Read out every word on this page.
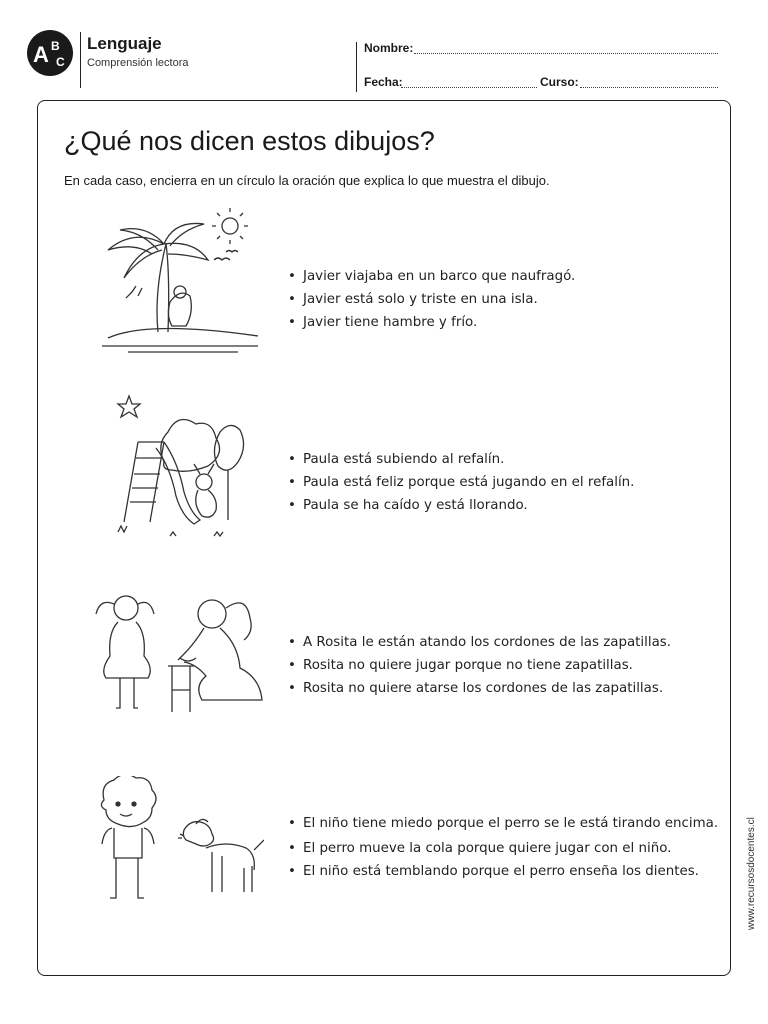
A B
C
Lenguaje
Comprensión lectora
Nombre:
Fecha:	Curso:
¿Qué nos dicen estos dibujos?
En cada caso, encierra en un círculo la oración que explica lo que muestra el dibujo.
• Javier viajaba en un barco que naufragó.
• Javier está solo y triste en una isla.
• Javier tiene hambre y frío.
• Paula está subiendo al refalín.
• Paula está feliz porque está jugando en el refalín.
• Paula se ha caído y está llorando.
• A Rosita le están atando los cordones de las zapatillas.
• Rosita no quiere jugar porque no tiene zapatillas.
• Rosita no quiere atarse los cordones de las zapatillas.
• El niño tiene miedo porque el perro se le está tirando encima.
• El perro mueve la cola porque quiere jugar con el niño.
• El niño está temblando porque el perro enseña los dientes.	www.recursosdocentes.cl
